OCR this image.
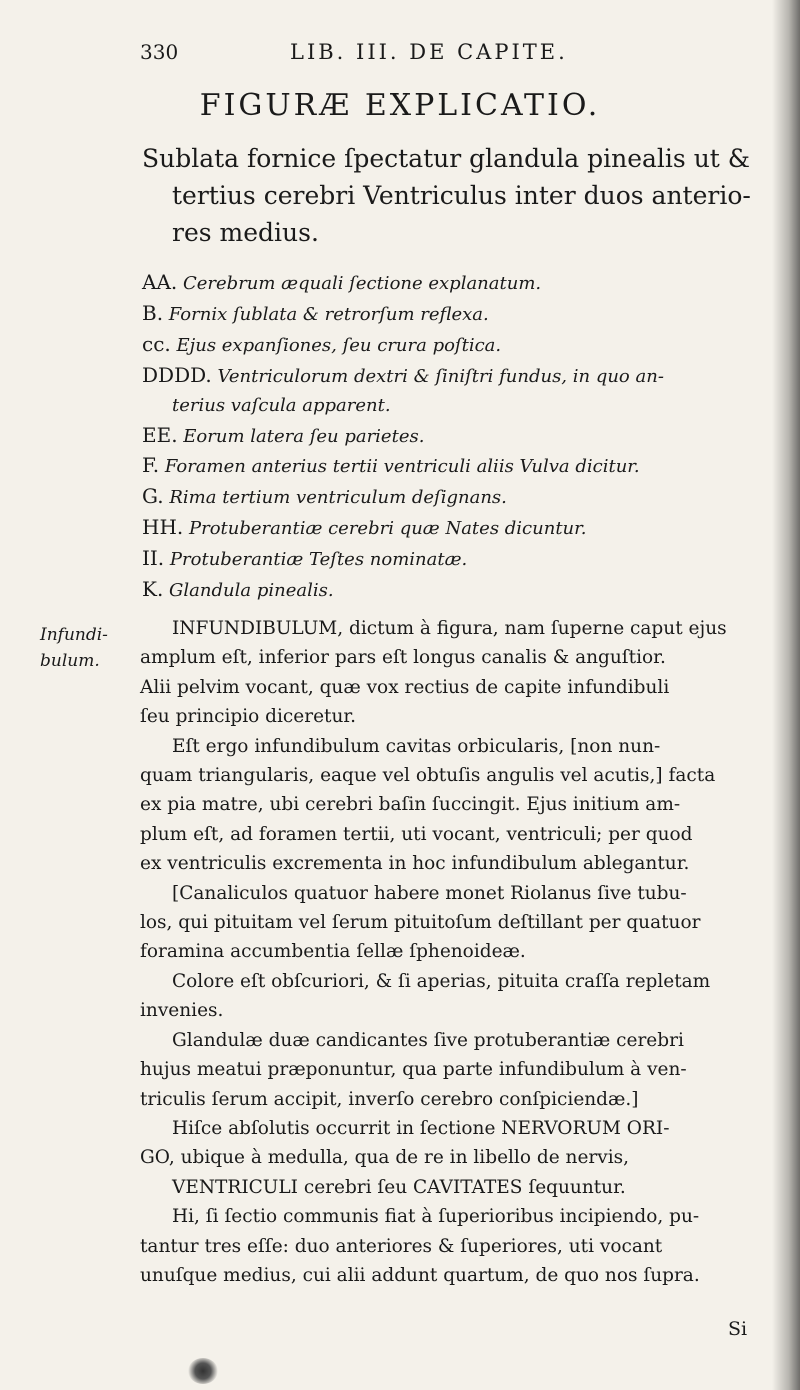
330	LIB. III. DE CAPITE.
FIGURÆ EXPLICATIO.
Sublata fornice ſpectatur glandula pinealis ut &
tertius cerebri Ventriculus inter duos anterio-
res medius.
AA. Cerebrum æquali ſectione explanatum.
B. Fornix ſublata & retrorſum reflexa.
cc. Ejus expanſiones, ſeu crura poſtica.
DDDD. Ventriculorum dextri & ſiniſtri fundus, in quo an-
terius vaſcula apparent.
EE. Eorum latera ſeu parietes.
F. Foramen anterius tertii ventriculi aliis Vulva dicitur.
G. Rima tertium ventriculum deſignans.
HH. Protuberantiæ cerebri quæ Nates dicuntur.
II. Protuberantiæ Teſtes nominatæ.
K. Glandula pinealis.
Infundi-
bulum.
INFUNDIBULUM, dictum à figura, nam ſuperne caput ejus
amplum eſt, inferior pars eſt longus canalis & anguſtior.
Alii pelvim vocant, quæ vox rectius de capite infundibuli
ſeu principio diceretur.
Eſt ergo infundibulum cavitas orbicularis, [non nun-
quam triangularis, eaque vel obtuſis angulis vel acutis,] facta
ex pia matre, ubi cerebri baſin ſuccingit. Ejus initium am-
plum eſt, ad foramen tertii, uti vocant, ventriculi; per quod
ex ventriculis excrementa in hoc infundibulum ablegantur.
[Canaliculos quatuor habere monet Riolanus ſive tubu-
los, qui pituitam vel ſerum pituitoſum deſtillant per quatuor
foramina accumbentia ſellæ ſphenoideæ.
Colore eſt obſcuriori, & ſi aperias, pituita craſſa repletam
invenies.
Glandulæ duæ candicantes ſive protuberantiæ cerebri
hujus meatui præponuntur, qua parte infundibulum à ven-
triculis ſerum accipit, inverſo cerebro conſpiciendæ.]
Hiſce abſolutis occurrit in ſectione NERVORUM ORI-
GO, ubique à medulla, qua de re in libello de nervis,
VENTRICULI cerebri ſeu CAVITATES ſequuntur.
Hi, ſi ſectio communis fiat à ſuperioribus incipiendo, pu-
tantur tres eſſe: duo anteriores & ſuperiores, uti vocant
unuſque medius, cui alii addunt quartum, de quo nos ſupra.
Si
